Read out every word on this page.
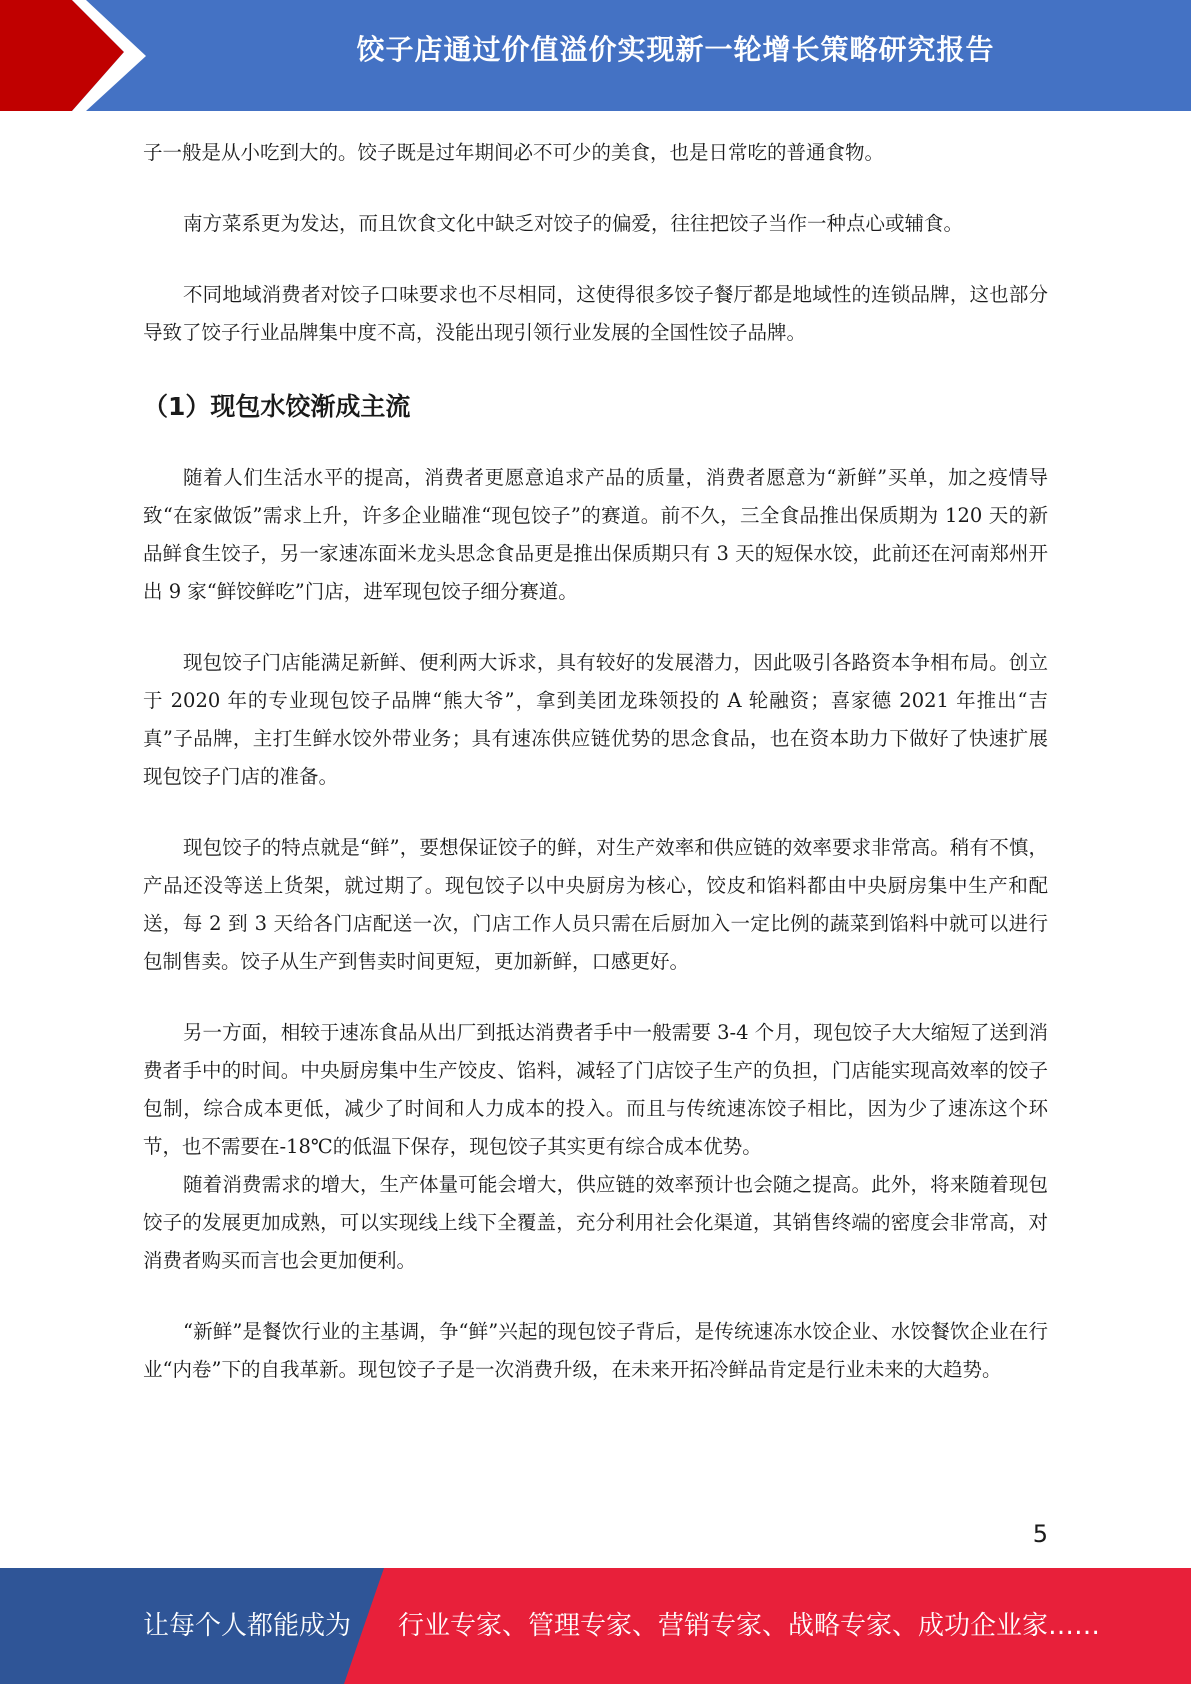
饺子店通过价值溢价实现新一轮增长策略研究报告

子一般是从小吃到大的。饺子既是过年期间必不可少的美食，也是日常吃的普通食物。

南方菜系更为发达，而且饮食文化中缺乏对饺子的偏爱，往往把饺子当作一种点心或辅食。

不同地域消费者对饺子口味要求也不尽相同，这使得很多饺子餐厅都是地域性的连锁品牌，这也部分导致了饺子行业品牌集中度不高，没能出现引领行业发展的全国性饺子品牌。

（1）现包水饺渐成主流

随着人们生活水平的提高，消费者更愿意追求产品的质量，消费者愿意为“新鲜”买单，加之疫情导致“在家做饭”需求上升，许多企业瞄准“现包饺子”的赛道。前不久，三全食品推出保质期为 120 天的新品鲜食生饺子，另一家速冻面米龙头思念食品更是推出保质期只有 3 天的短保水饺，此前还在河南郑州开出 9 家“鲜饺鲜吃”门店，进军现包饺子细分赛道。

现包饺子门店能满足新鲜、便利两大诉求，具有较好的发展潜力，因此吸引各路资本争相布局。创立于 2020 年的专业现包饺子品牌“熊大爷”，拿到美团龙珠领投的 A 轮融资；喜家德 2021 年推出“吉真”子品牌，主打生鲜水饺外带业务；具有速冻供应链优势的思念食品，也在资本助力下做好了快速扩展现包饺子门店的准备。

现包饺子的特点就是“鲜”，要想保证饺子的鲜，对生产效率和供应链的效率要求非常高。稍有不慎，产品还没等送上货架，就过期了。现包饺子以中央厨房为核心，饺皮和馅料都由中央厨房集中生产和配送，每 2 到 3 天给各门店配送一次，门店工作人员只需在后厨加入一定比例的蔬菜到馅料中就可以进行包制售卖。饺子从生产到售卖时间更短，更加新鲜，口感更好。

另一方面，相较于速冻食品从出厂到抵达消费者手中一般需要 3-4 个月，现包饺子大大缩短了送到消费者手中的时间。中央厨房集中生产饺皮、馅料，减轻了门店饺子生产的负担，门店能实现高效率的饺子包制，综合成本更低，减少了时间和人力成本的投入。而且与传统速冻饺子相比，因为少了速冻这个环节，也不需要在-18℃的低温下保存，现包饺子其实更有综合成本优势。

随着消费需求的增大，生产体量可能会增大，供应链的效率预计也会随之提高。此外，将来随着现包饺子的发展更加成熟，可以实现线上线下全覆盖，充分利用社会化渠道，其销售终端的密度会非常高，对消费者购买而言也会更加便利。

“新鲜”是餐饮行业的主基调，争“鲜”兴起的现包饺子背后，是传统速冻水饺企业、水饺餐饮企业在行业“内卷”下的自我革新。现包饺子子是一次消费升级，在未来开拓冷鲜品肯定是行业未来的大趋势。

5
让每个人都能成为 行业专家、管理专家、营销专家、战略专家、成功企业家……
